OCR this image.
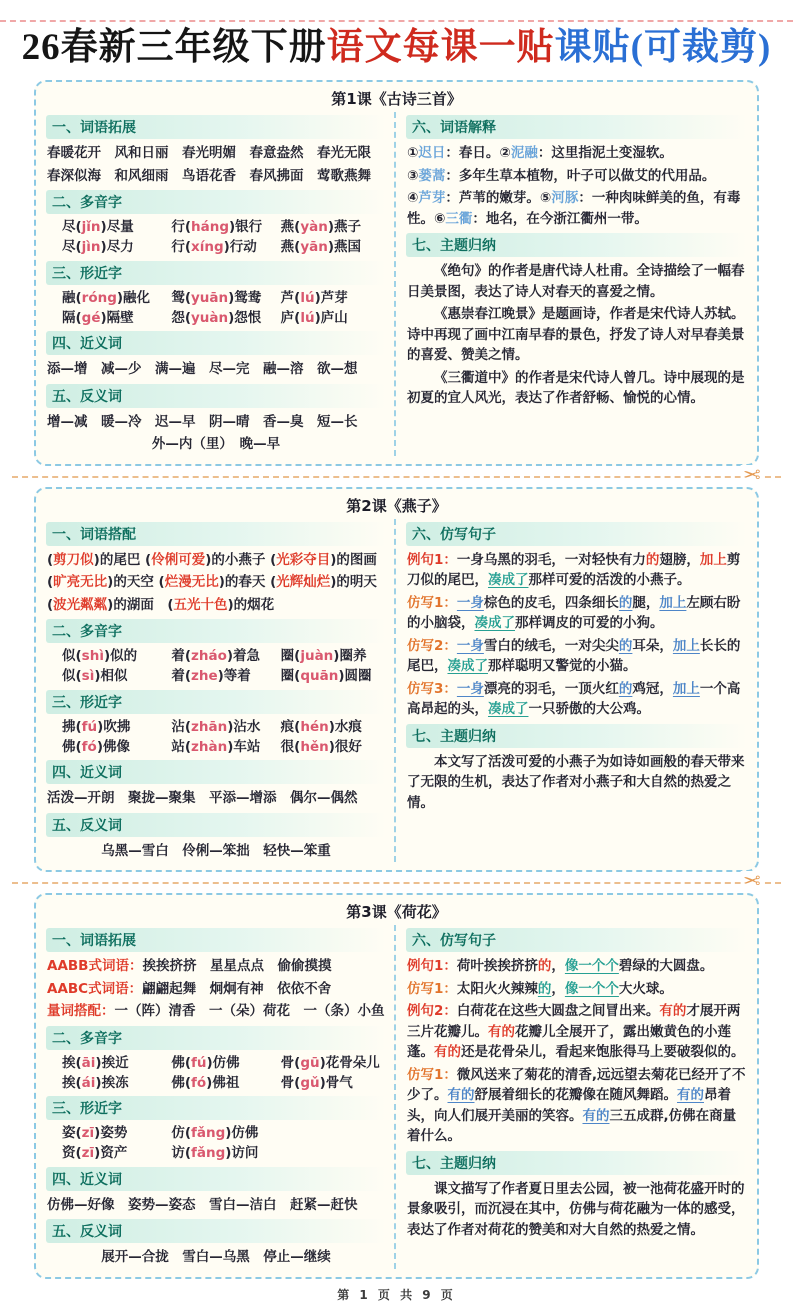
26春新三年级下册语文每课一贴课贴(可裁剪)
第1课《古诗三首》
一、词语拓展
春暖花开　风和日丽　春光明媚　春意盎然　春光无限
春深似海　和风细雨　鸟语花香　春风拂面　莺歌燕舞
二、多音字
尽(jǐn)尽量	行(háng)银行	燕(yàn)燕子
尽(jìn)尽力	行(xíng)行动	燕(yān)燕国
三、形近字
融(róng)融化	鸳(yuān)鸳鸯	芦(lú)芦芽
隔(gé)隔壁	怨(yuàn)怨恨	庐(lú)庐山
四、近义词
添—增　减—少　满—遍　尽—完　融—溶　欲—想
五、反义词
增—减　暖—冷　迟—早　阴—晴　香—臭　短—长
外—内（里）　晚—早
六、词语解释
①迟日：春日。②泥融：这里指泥土变湿软。
③蒌蒿：多年生草本植物，叶子可以做艾的代用品。
④芦芽：芦苇的嫩芽。⑤河豚：一种肉味鲜美的鱼，有毒性。⑥三衢：地名，在今浙江衢州一带。
七、主题归纳
《绝句》的作者是唐代诗人杜甫。全诗描绘了一幅春日美景图，表达了诗人对春天的喜爱之情。
《惠崇春江晚景》是题画诗，作者是宋代诗人苏轼。诗中再现了画中江南早春的景色，抒发了诗人对早春美景的喜爱、赞美之情。
《三衢道中》的作者是宋代诗人曾几。诗中展现的是初夏的宜人风光，表达了作者舒畅、愉悦的心情。
✂
第2课《燕子》
一、词语搭配
(剪刀似)的尾巴 (伶俐可爱)的小燕子 (光彩夺目)的图画
(旷亮无比)的天空 (烂漫无比)的春天 (光辉灿烂)的明天
(波光粼粼)的湖面　(五光十色)的烟花
二、多音字
似(shì)似的	着(zháo)着急	圈(juàn)圈养
似(sì)相似	着(zhe)等着	圈(quān)圆圈
三、形近字
拂(fú)吹拂	沾(zhān)沾水	痕(hén)水痕
佛(fó)佛像	站(zhàn)车站	很(hěn)很好
四、近义词
活泼—开朗　聚拢—聚集　平添—增添　偶尔—偶然
五、反义词
乌黑—雪白　伶俐—笨拙　轻快—笨重
六、仿写句子
例句1：一身乌黑的羽毛，一对轻快有力的翅膀，加上剪刀似的尾巴，凑成了那样可爱的活泼的小燕子。
仿写1：一身棕色的皮毛，四条细长的腿，加上左顾右盼的小脑袋，凑成了那样调皮的可爱的小狗。
仿写2：一身雪白的绒毛，一对尖尖的耳朵，加上长长的尾巴，凑成了那样聪明又警觉的小猫。
仿写3：一身漂亮的羽毛，一顶火红的鸡冠，加上一个高高昂起的头，凑成了一只骄傲的大公鸡。
七、主题归纳
本文写了活泼可爱的小燕子为如诗如画般的春天带来了无限的生机，表达了作者对小燕子和大自然的热爱之情。
✂
第3课《荷花》
一、词语拓展
AABB式词语：挨挨挤挤　星星点点　偷偷摸摸
AABC式词语：翩翩起舞　炯炯有神　依依不舍
量词搭配：一（阵）清香　一（朵）荷花　一（条）小鱼
二、多音字
挨(āi)挨近	佛(fú)仿佛	骨(gū)花骨朵儿
挨(ái)挨冻	佛(fó)佛祖	骨(gǔ)骨气
三、形近字
姿(zī)姿势	仿(fǎng)仿佛
资(zī)资产	访(fǎng)访问
四、近义词
仿佛—好像　姿势—姿态　雪白—洁白　赶紧—赶快
五、反义词
展开—合拢　雪白—乌黑　停止—继续
六、仿写句子
例句1：荷叶挨挨挤挤的，像一个个碧绿的大圆盘。
仿写1：太阳火火辣辣的，像一个个大火球。
例句2：白荷花在这些大圆盘之间冒出来。有的才展开两三片花瓣儿。有的花瓣儿全展开了，露出嫩黄色的小莲蓬。有的还是花骨朵儿，看起来饱胀得马上要破裂似的。
仿写1：微风送来了菊花的清香,远远望去菊花已经开了不少了。有的舒展着细长的花瓣像在随风舞蹈。有的昂着头，向人们展开美丽的笑容。有的三五成群,仿佛在商量着什么。
七、主题归纳
课文描写了作者夏日里去公园，被一池荷花盛开时的景象吸引，而沉浸在其中，仿佛与荷花融为一体的感受，表达了作者对荷花的赞美和对大自然的热爱之情。
第 1 页 共 9 页
